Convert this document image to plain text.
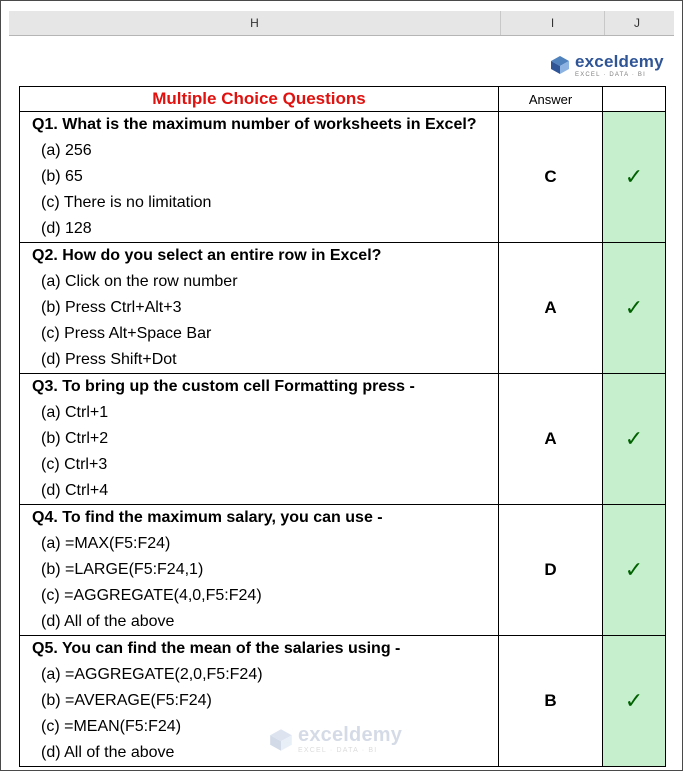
H	I	J
exceldemy
EXCEL · DATA · BI
Multiple Choice Questions	Answer	

Q1. What is the maximum number of worksheets in Excel?
(a) 256
(b) 65
(c) There is no limitation
(d) 128	C	✓

Q2. How do you select an entire row in Excel?
(a) Click on the row number
(b) Press Ctrl+Alt+3
(c) Press Alt+Space Bar
(d) Press Shift+Dot	A	✓

Q3. To bring up the custom cell Formatting press -
(a) Ctrl+1
(b) Ctrl+2
(c) Ctrl+3
(d) Ctrl+4	A	✓

Q4. To find the maximum salary, you can use -
(a) =MAX(F5:F24)
(b) =LARGE(F5:F24,1)
(c) =AGGREGATE(4,0,F5:F24)
(d) All of the above	D	✓

Q5. You can find the mean of the salaries using -
(a) =AGGREGATE(2,0,F5:F24)
(b) =AVERAGE(F5:F24)
(c) =MEAN(F5:F24)
(d) All of the above	B	✓
exceldemy
EXCEL · DATA · BI
